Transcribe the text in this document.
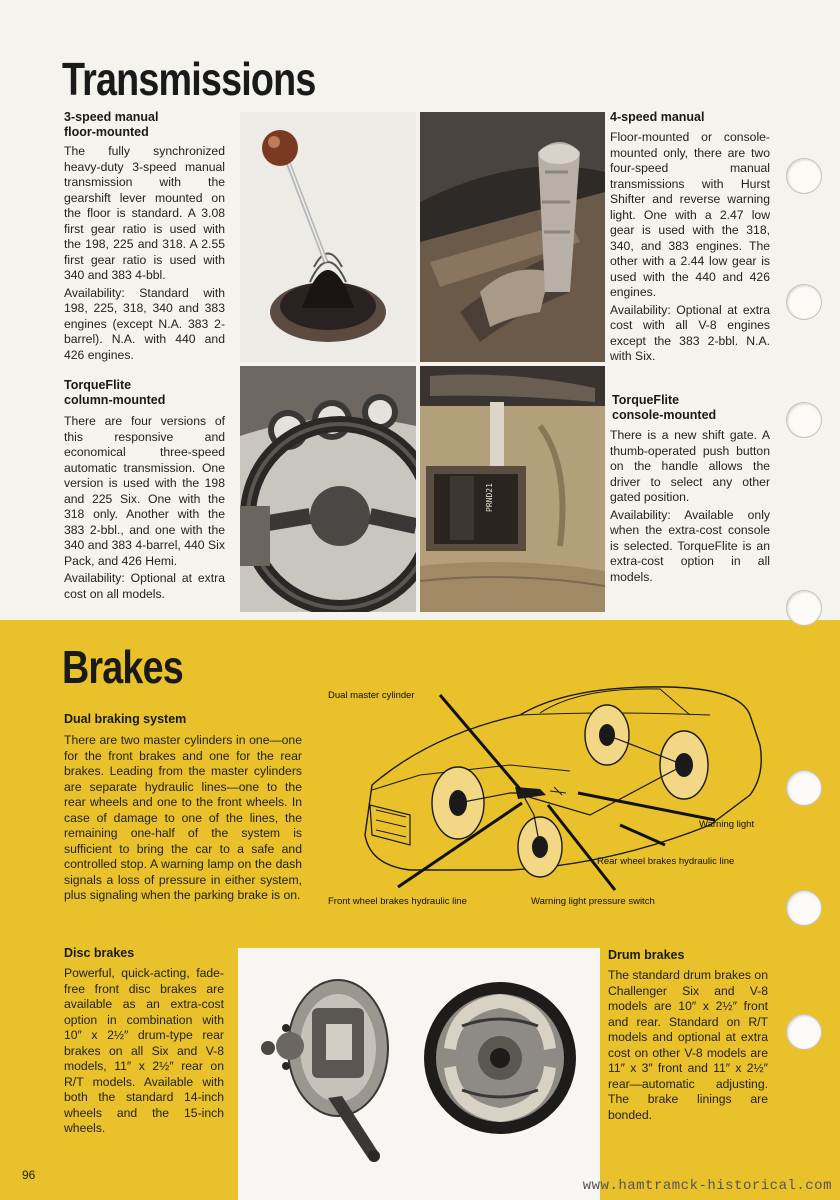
Transmissions
3-speed manual
floor-mounted

The fully synchronized heavy-duty 3-speed manual transmission with the gearshift lever mounted on the floor is standard. A 3.08 first gear ratio is used with the 198, 225 and 318. A 2.55 first gear ratio is used with 340 and 383 4-bbl.

Availability: Standard with 198, 225, 318, 340 and 383 engines (except N.A. 383 2-barrel). N.A. with 440 and 426 engines.

TorqueFlite
column-mounted

There are four versions of this responsive and economical three-speed automatic transmission. One version is used with the 198 and 225 Six. One with the 318 only. Another with the 383 2-bbl., and one with the 340 and 383 4-barrel, 440 Six Pack, and 426 Hemi.

Availability: Optional at extra cost on all models.

PRND21
4-speed manual

Floor-mounted or console-mounted only, there are two four-speed manual transmissions with Hurst Shifter and reverse warning light. One with a 2.47 low gear is used with the 318, 340, and 383 engines. The other with a 2.44 low gear is used with the 440 and 426 engines.

Availability: Optional at extra cost with all V-8 engines except the 383 2-bbl. N.A. with Six.

TorqueFlite
console-mounted

There is a new shift gate. A thumb-operated push button on the handle allows the driver to select any other gated position.

Availability: Available only when the extra-cost console is selected. TorqueFlite is an extra-cost option in all models.

Brakes
Dual braking system

There are two master cylinders in one—one for the front brakes and one for the rear brakes. Leading from the master cylinders are separate hydraulic lines—one to the rear wheels and one to the front wheels. In case of damage to one of the lines, the remaining one-half of the system is sufficient to bring the car to a safe and controlled stop. A warning lamp on the dash signals a loss of pressure in either system, plus signaling when the parking brake is on.

Dual master cylinder
Warning light
Rear wheel brakes hydraulic line
Front wheel brakes hydraulic line	Warning light pressure switch
Disc brakes

Powerful, quick-acting, fade-free front disc brakes are available as an extra-cost option in combination with 10″ x 2½″ drum-type rear brakes on all Six and V-8 models, 11″ x 2½″ rear on R/T models. Available with both the standard 14-inch wheels and the 15-inch wheels.

Drum brakes

The standard drum brakes on Challenger Six and V-8 models are 10″ x 2½″ front and rear. Standard on R/T models and optional at extra cost on other V-8 models are 11″ x 3″ front and 11″ x 2½″ rear—automatic adjusting. The brake linings are bonded.

96
www.hamtramck-historical.com
